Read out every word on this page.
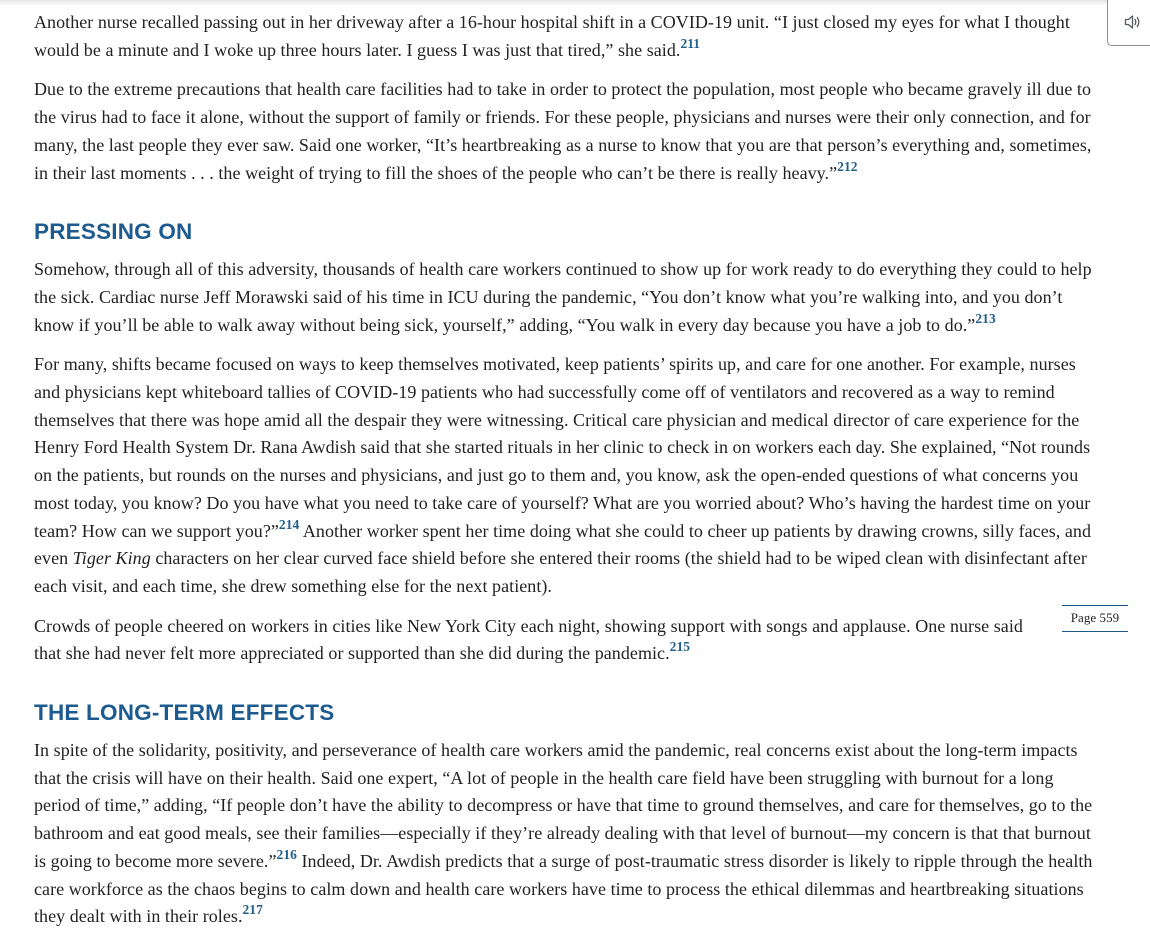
Another nurse recalled passing out in her driveway after a 16-hour hospital shift in a COVID-19 unit. “I just closed my eyes for what I thought would be a minute and I woke up three hours later. I guess I was just that tired,” she said.$^{211}$

Due to the extreme precautions that health care facilities had to take in order to protect the population, most people who became gravely ill due to the virus had to face it alone, without the support of family or friends. For these people, physicians and nurses were their only connection, and for many, the last people they ever saw. Said one worker, “It’s heartbreaking as a nurse to know that you are that person’s everything and, sometimes, in their last moments . . . the weight of trying to fill the shoes of the people who can’t be there is really heavy.”$^{212}$

PRESSING ON

Somehow, through all of this adversity, thousands of health care workers continued to show up for work ready to do everything they could to help the sick. Cardiac nurse Jeff Morawski said of his time in ICU during the pandemic, “You don’t know what you’re walking into, and you don’t know if you’ll be able to walk away without being sick, yourself,” adding, “You walk in every day because you have a job to do.”$^{213}$

For many, shifts became focused on ways to keep themselves motivated, keep patients’ spirits up, and care for one another. For example, nurses and physicians kept whiteboard tallies of COVID-19 patients who had successfully come off of ventilators and recovered as a way to remind themselves that there was hope amid all the despair they were witnessing. Critical care physician and medical director of care experience for the Henry Ford Health System Dr. Rana Awdish said that she started rituals in her clinic to check in on workers each day. She explained, “Not rounds on the patients, but rounds on the nurses and physicians, and just go to them and, you know, ask the open-ended questions of what concerns you most today, you know? Do you have what you need to take care of yourself? What are you worried about? Who’s having the hardest time on your team? How can we support you?”$^{214}$ Another worker spent her time doing what she could to cheer up patients by drawing crowns, silly faces, and even Tiger King characters on her clear curved face shield before she entered their rooms (the shield had to be wiped clean with disinfectant after each visit, and each time, she drew something else for the next patient).

Page 559
Crowds of people cheered on workers in cities like New York City each night, showing support with songs and applause. One nurse said that she had never felt more appreciated or supported than she did during the pandemic.$^{215}$

THE LONG-TERM EFFECTS

In spite of the solidarity, positivity, and perseverance of health care workers amid the pandemic, real concerns exist about the long-term impacts that the crisis will have on their health. Said one expert, “A lot of people in the health care field have been struggling with burnout for a long period of time,” adding, “If people don’t have the ability to decompress or have that time to ground themselves, and care for themselves, go to the bathroom and eat good meals, see their families—especially if they’re already dealing with that level of burnout—my concern is that that burnout is going to become more severe.”$^{216}$ Indeed, Dr. Awdish predicts that a surge of post-traumatic stress disorder is likely to ripple through the health care workforce as the chaos begins to calm down and health care workers have time to process the ethical dilemmas and heartbreaking situations they dealt with in their roles.$^{217}$
